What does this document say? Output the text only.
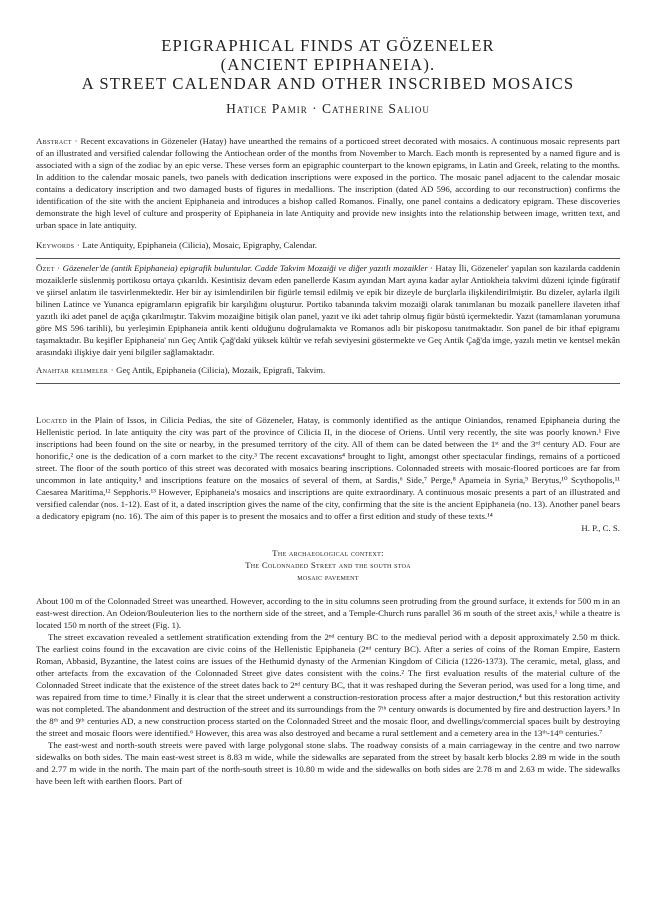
EPIGRAPHICAL FINDS AT GÖZENELER
(ANCIENT EPIPHANEIA).
A STREET CALENDAR AND OTHER INSCRIBED MOSAICS
Hatice Pamir · Catherine Saliou

Abstract · Recent excavations in Gözeneler (Hatay) have unearthed the remains of a porticoed street decorated with mosaics. A continuous mosaic represents part of an illustrated and versified calendar following the Antiochean order of the months from November to March. Each month is represented by a named figure and is associated with a sign of the zodiac by an epic verse. These verses form an epigraphic counterpart to the known epigrams, in Latin and Greek, relating to the months. In addition to the calendar mosaic panels, two panels with dedication inscriptions were exposed in the portico. The mosaic panel adjacent to the calendar mosaic contains a dedicatory inscription and two damaged busts of figures in medallions. The inscription (dated AD 596, according to our reconstruction) confirms the identification of the site with the ancient Epiphaneia and introduces a bishop called Romanos. Finally, one panel contains a dedicatory epigram. These discoveries demonstrate the high level of culture and prosperity of Epiphaneia in late Antiquity and provide new insights into the relationship between image, written text, and urban space in late antiquity.

Keywords · Late Antiquity, Epiphaneia (Cilicia), Mosaic, Epigraphy, Calendar.

Özet · Gözeneler'de (antik Epiphaneia) epigrafik buluntular. Cadde Takvim Mozaiği ve diğer yazıtlı mozaikler · Hatay İli, Gözeneler' yapılan son kazılarda caddenin mozaiklerle süslenmiş portikosu ortaya çıkarıldı. Kesintisiz devam eden panellerde Kasım ayından Mart ayına kadar aylar Antiokheia takvimi düzeni içinde figüratif ve şiirsel anlatım ile tasvirlenmektedir. Her bir ay isimlendirilen bir figürle temsil edilmiş ve epik bir dizeyle de burçlarla ilişkilendirilmiştir. Bu dizeler, aylarla ilgili bilinen Latince ve Yunanca epigramların epigrafik bir karşılığını oluşturur. Portiko tabanında takvim mozaiği olarak tanımlanan bu mozaik panellere ilaveten ithaf yazıtlı iki adet panel de açığa çıkarılmıştır. Takvim mozaiğine bitişik olan panel, yazıt ve iki adet tahrip olmuş figür büstü içermektedir. Yazıt (tamamlanan yorumuna göre MS 596 tarihli), bu yerleşimin Epiphaneia antik kenti olduğunu doğrulamakta ve Romanos adlı bir piskoposu tanıtmaktadır. Son panel de bir ithaf epigramı taşımaktadır. Bu keşifler Epiphaneia' nın Geç Antik Çağ'daki yüksek kültür ve refah seviyesini göstermekte ve Geç Antik Çağ'da imge, yazılı metin ve kentsel mekân arasındaki ilişkiye dair yeni bilgiler sağlamaktadır.

Anahtar kelimeler · Geç Antik, Epiphaneia (Cilicia), Mozaik, Epigrafi, Takvim.

Located in the Plain of Issos, in Cilicia Pedias, the site of Gözeneler, Hatay, is commonly identified as the antique Oiniandos, renamed Epiphaneia during the Hellenistic period. In late antiquity the city was part of the province of Cilicia II, in the diocese of Oriens. Until very recently, the site was poorly known.¹ Five inscriptions had been found on the site or nearby, in the presumed territory of the city. All of them can be dated between the 1ˢᵗ and the 3ʳᵈ century AD. Four are honorific,² one is the dedication of a corn market to the city.³ The recent excavations⁴ brought to light, amongst other spectacular findings, remains of a porticoed street. The floor of the south portico of this street was decorated with mosaics bearing inscriptions. Colonnaded streets with mosaic-floored porticoes are far from uncommon in late antiquity,⁵ and inscriptions feature on the mosaics of several of them, at Sardis,⁶ Side,⁷ Perge,⁸ Apameia in Syria,⁹ Berytus,¹⁰ Scythopolis,¹¹ Caesarea Maritima,¹² Sepphoris.¹³ However, Epiphaneia's mosaics and inscriptions are quite extraordinary. A continuous mosaic presents a part of an illustrated and versified calendar (nos. 1-12). East of it, a dated inscription gives the name of the city, confirming that the site is the ancient Epiphaneia (no. 13). Another panel bears a dedicatory epigram (no. 16). The aim of this paper is to present the mosaics and to offer a first edition and study of these texts.¹⁴

H. P., C. S.
The archaeological context:
The Colonnaded Street and the south stoa
mosaic pavement

About 100 m of the Colonnaded Street was unearthed. However, according to the in situ columns seen protruding from the ground surface, it extends for 500 m in an east-west direction. An Odeion/Bouleuterion lies to the northern side of the street, and a Temple-Church runs parallel 36 m south of the street axis,¹ while a theatre is located 150 m north of the street (Fig. 1).

The street excavation revealed a settlement stratification extending from the 2ⁿᵈ century BC to the medieval period with a deposit approximately 2.50 m thick. The earliest coins found in the excavation are civic coins of the Hellenistic Epiphaneia (2ⁿᵈ century BC). After a series of coins of the Roman Empire, Eastern Roman, Abbasid, Byzantine, the latest coins are issues of the Hethumid dynasty of the Armenian Kingdom of Cilicia (1226-1373). The ceramic, metal, glass, and other artefacts from the excavation of the Colonnaded Street give dates consistent with the coins.² The first evaluation results of the material culture of the Colonnaded Street indicate that the existence of the street dates back to 2ⁿᵈ century BC, that it was reshaped during the Severan period, was used for a long time, and was repaired from time to time.³ Finally it is clear that the street underwent a construction-restoration process after a major destruction,⁴ but this restoration activity was not completed. The abandonment and destruction of the street and its surroundings from the 7ᵗʰ century onwards is documented by fire and destruction layers.⁵ In the 8ᵗʰ and 9ᵗʰ centuries AD, a new construction process started on the Colonnaded Street and the mosaic floor, and dwellings/commercial spaces built by destroying the street and mosaic floors were identified.⁶ However, this area was also destroyed and became a rural settlement and a cemetery area in the 13ᵗʰ-14ᵗʰ centuries.⁷

The east-west and north-south streets were paved with large polygonal stone slabs. The roadway consists of a main carriageway in the centre and two narrow sidewalks on both sides. The main east-west street is 8.83 m wide, while the sidewalks are separated from the street by basalt kerb blocks 2.89 m wide in the south and 2.77 m wide in the north. The main part of the north-south street is 10.80 m wide and the sidewalks on both sides are 2.78 m and 2.63 m wide. The sidewalks have been left with earthen floors. Part of
